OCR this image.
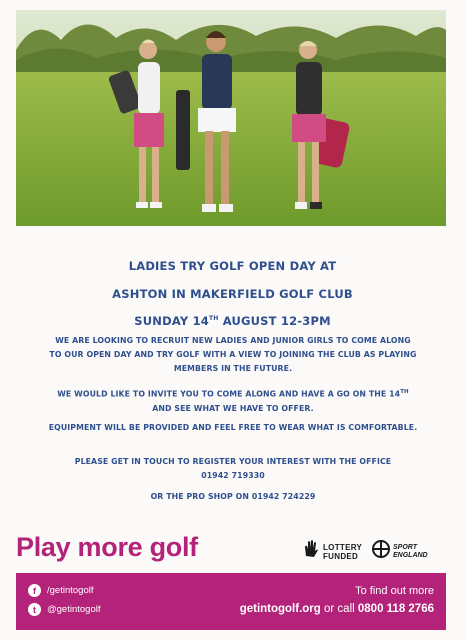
LADIES TRY GOLF OPEN DAY AT
ASHTON IN MAKERFIELD GOLF CLUB
SUNDAY 14TH AUGUST 12-3PM
WE ARE LOOKING TO RECRUIT NEW LADIES AND JUNIOR GIRLS TO COME ALONG TO OUR OPEN DAY AND TRY GOLF WITH A VIEW TO JOINING THE CLUB AS PLAYING MEMBERS IN THE FUTURE.
WE WOULD LIKE TO INVITE YOU TO COME ALONG AND HAVE A GO ON THE 14TH AND SEE WHAT WE HAVE TO OFFER.
EQUIPMENT WILL BE PROVIDED AND FEEL FREE TO WEAR WHAT IS COMFORTABLE.
PLEASE GET IN TOUCH TO REGISTER YOUR INTEREST WITH THE OFFICE
01942 719330
OR THE PRO SHOP ON 01942 724229
Play more golf	LOTTERY
FUNDED
SPORT
ENGLAND
f	/getintogolf
t	@getintogolf
To find out more
getintogolf.org or call 0800 118 2766
